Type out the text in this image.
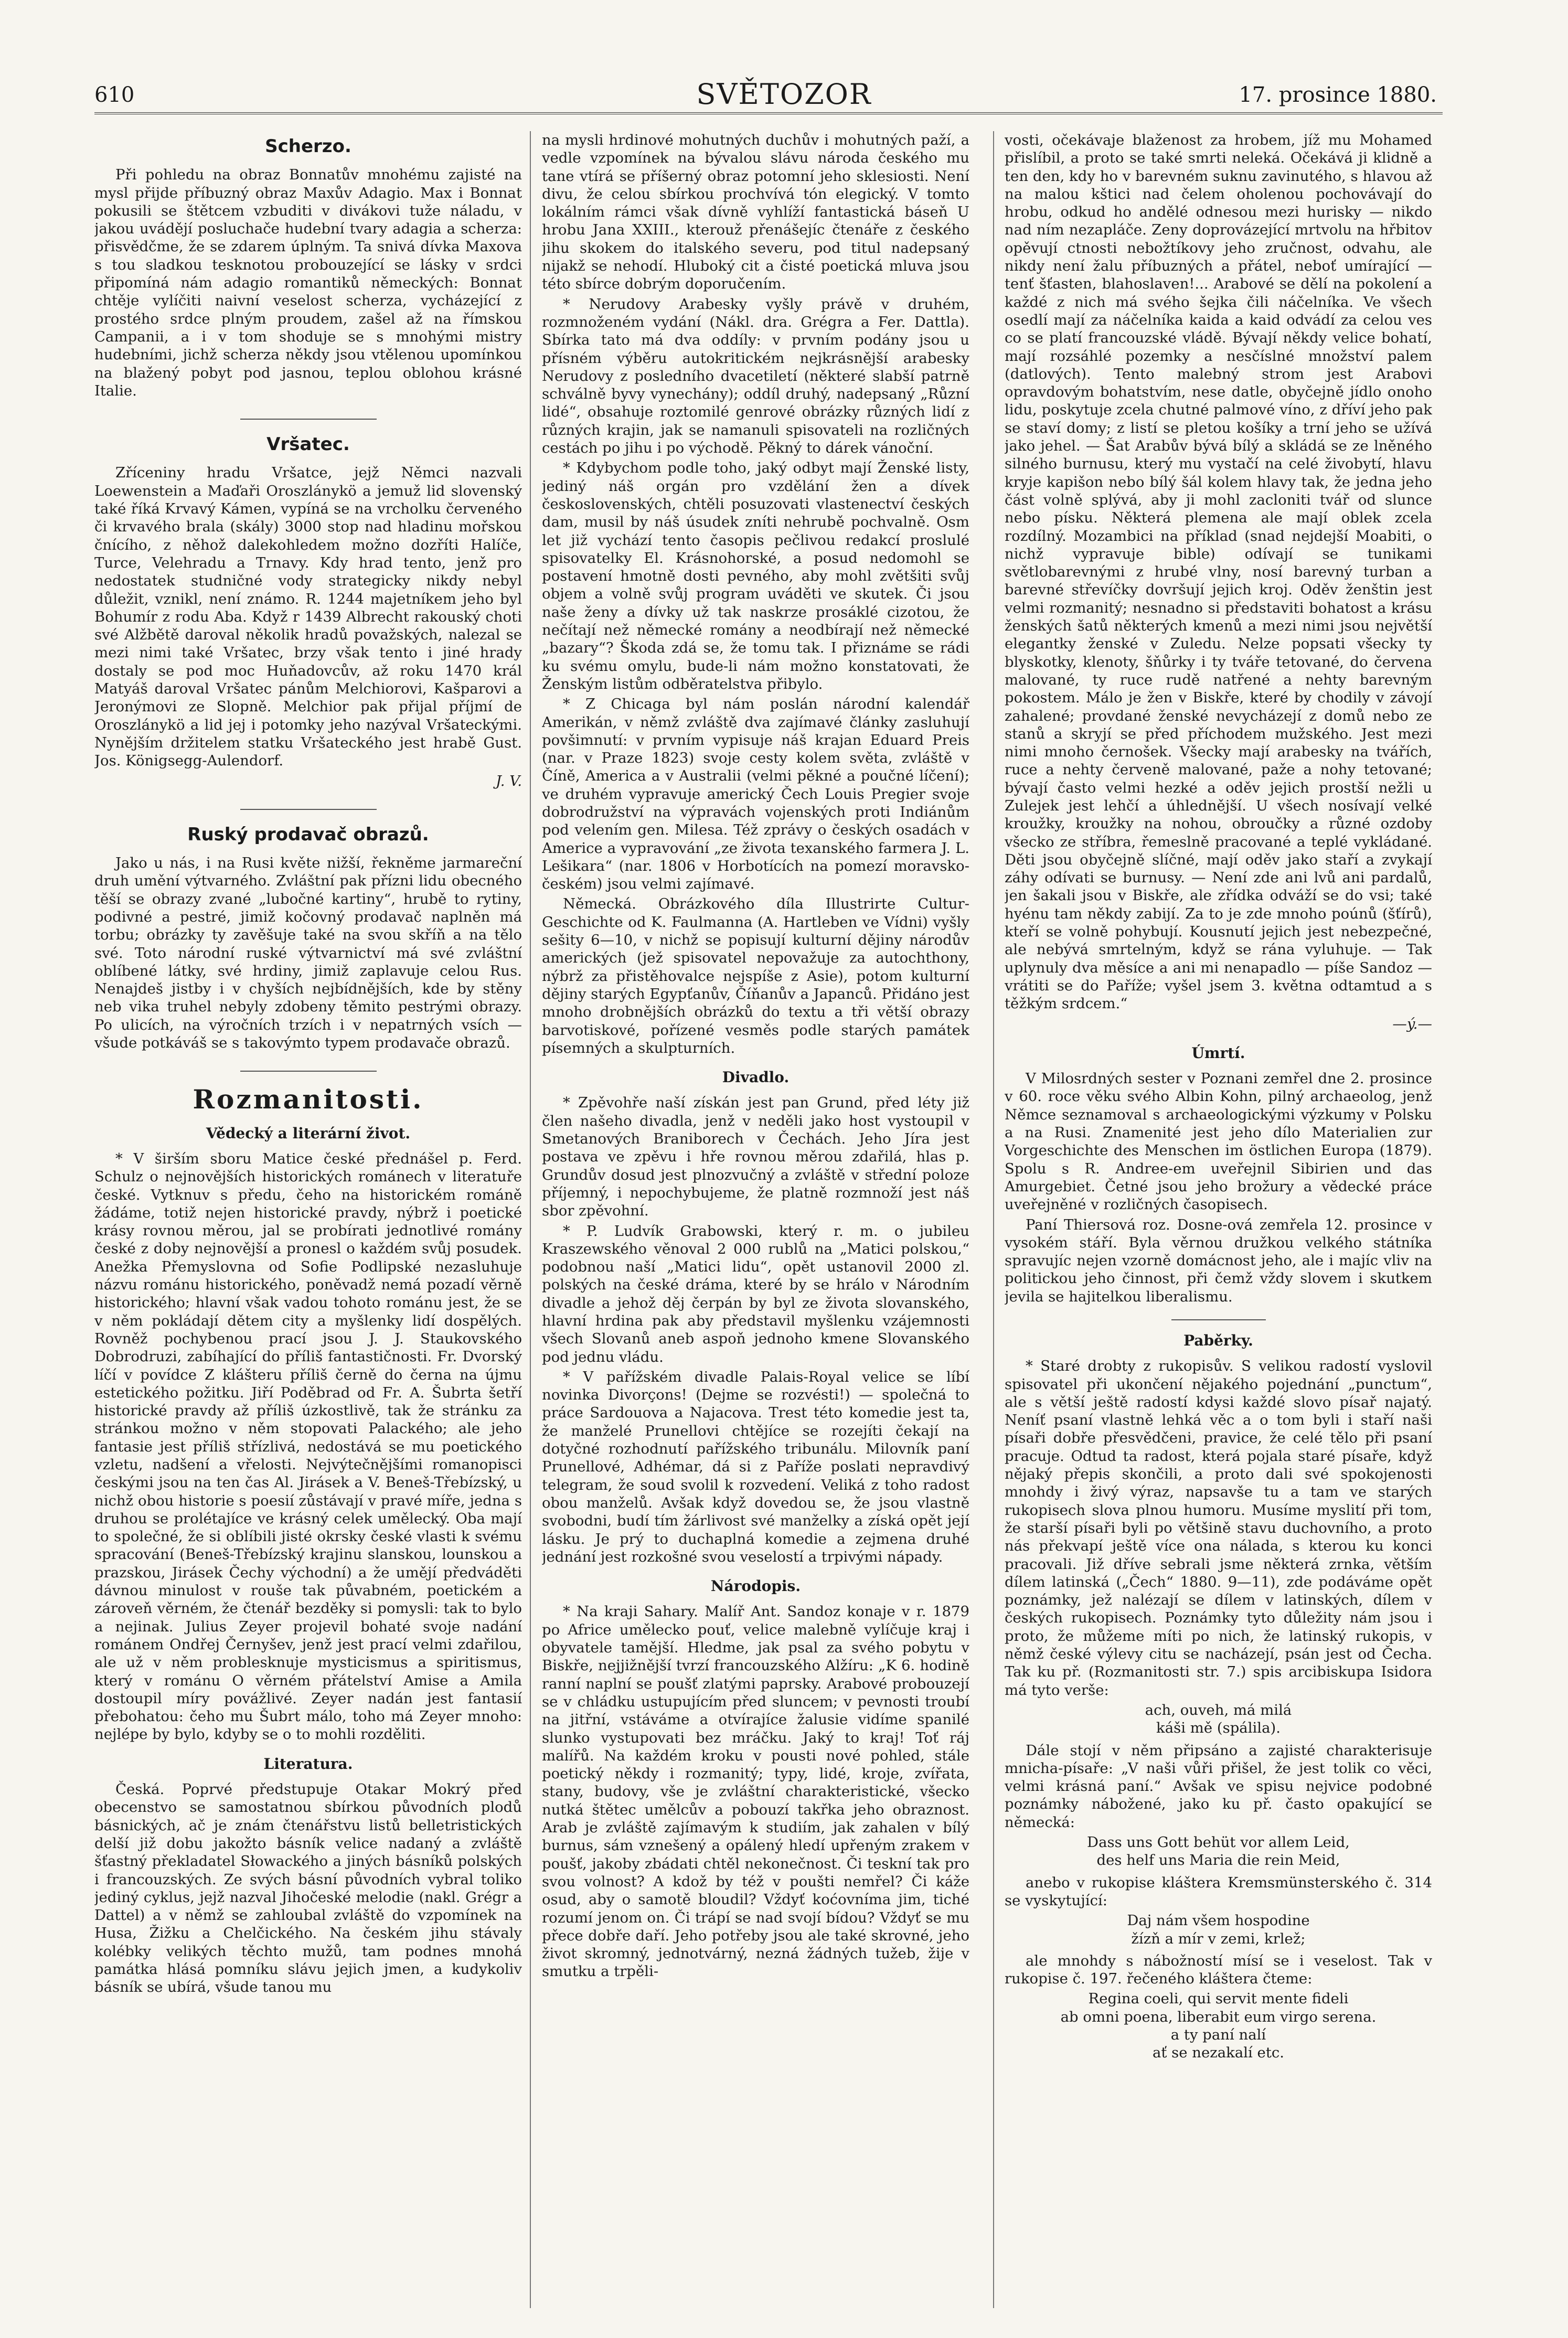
610	SVĚTOZOR	17. prosince 1880.
Scherzo.

Při pohledu na obraz Bonnatův mnohému zajisté na mysl přijde příbuzný obraz Maxův Adagio. Max i Bonnat pokusili se štětcem vzbuditi v divákovi tuže náladu, v jakou uvádějí posluchače hudební tvary adagia a scherza: přisvědčme, že se zdarem úplným. Ta snivá dívka Maxova s tou sladkou tesknotou probouzející se lásky v srdci připomíná nám adagio romantiků německých: Bonnat chtěje vylíčiti naivní veselost scherza, vycházející z prostého srdce plným proudem, zašel až na římskou Campanii, a i v tom shoduje se s mnohými mistry hudebními, jichž scherza někdy jsou vtělenou upomínkou na blažený pobyt pod jasnou, teplou oblohou krásné Italie.

Vršatec.

Zříceniny hradu Vršatce, jejž Němci nazvali Loewenstein a Maďaři Oroszlánykö a jemuž lid slovenský také říká Krvavý Kámen, vypíná se na vrcholku červeného či krvavého brala (skály) 3000 stop nad hladinu mořskou čnícího, z něhož dalekohledem možno dozříti Halíče, Turce, Velehradu a Trnavy. Kdy hrad tento, jenž pro nedostatek studničné vody strategicky nikdy nebyl důležit, vznikl, není známo. R. 1244 majetníkem jeho byl Bohumír z rodu Aba. Když r 1439 Albrecht rakouský choti své Alžbětě daroval několik hradů považských, nalezal se mezi nimi také Vršatec, brzy však tento i jiné hrady dostaly se pod moc Huňadovcův, až roku 1470 král Matyáš daroval Vršatec pánům Melchiorovi, Kašparovi a Jeronýmovi ze Slopně. Melchior pak přijal příjmí de Oroszlánykö a lid jej i potomky jeho nazýval Vršateckými. Nynějším držitelem statku Vršateckého jest hrabě Gust. Jos. Königsegg-Aulendorf.

J. V.
Ruský prodavač obrazů.

Jako u nás, i na Rusi květe nižší, řekněme jarmareční druh umění výtvarného. Zvláštní pak přízni lidu obecného těší se obrazy zvané „lubočné kartiny“, hrubě to rytiny, podivné a pestré, jimiž kočovný prodavač naplněn má torbu; obrázky ty zavěšuje také na svou skříň a na tělo své. Toto národní ruské výtvarnictví má své zvláštní oblíbené látky, své hrdiny, jimiž zaplavuje celou Rus. Nenajdeš jistby i v chyších nejbídnějších, kde by stěny neb vika truhel nebyly zdobeny těmito pestrými obrazy. Po ulicích, na výročních trzích i v nepatrných vsích — všude potkáváš se s takovýmto typem prodavače obrazů.

Rozmanitosti.
Vědecký a literární život.

* V širším sboru Matice české přednášel p. Ferd. Schulz o nejnovějších historických románech v literatuře české. Vytknuv s předu, čeho na historickém románě žádáme, totiž nejen historické pravdy, nýbrž i poetické krásy rovnou měrou, jal se probírati jednotlivé romány české z doby nejnovější a pronesl o každém svůj posudek. Anežka Přemyslovna od Sofie Podlipské nezasluhuje názvu románu historického, poněvadž nemá pozadí věrně historického; hlavní však vadou tohoto románu jest, že se v něm pokládají dětem city a myšlenky lidí dospělých. Rovněž pochybenou prací jsou J. J. Staukovského Dobrodruzi, zabíhající do příliš fantastičnosti. Fr. Dvorský líčí v povídce Z klášteru příliš černě do černa na újmu estetického požitku. Jiří Poděbrad od Fr. A. Šubrta šetří historické pravdy až příliš úzkostlivě, tak že stránku za stránkou možno v něm stopovati Palackého; ale jeho fantasie jest příliš střízlivá, nedostává se mu poetického vzletu, nadšení a vřelosti. Nejvýtečnějšími romanopisci českými jsou na ten čas Al. Jirásek a V. Beneš-Třebízský, u nichž obou historie s poesií zůstávají v pravé míře, jedna s druhou se prolétajíce ve krásný celek umělecký. Oba mají to společné, že si oblíbili jisté okrsky české vlasti k svému spracování (Beneš-Třebízský krajinu slanskou, lounskou a prazskou, Jirásek Čechy východní) a že umějí předváděti dávnou minulost v rouše tak půvabném, poetickém a zároveň věrném, že čtenář bezděky si pomysli: tak to bylo a nejinak. Julius Zeyer projevil bohaté svoje nadání románem Ondřej Černyšev, jenž jest prací velmi zdařilou, ale už v něm problesknuje mysticismus a spiritismus, který v románu O věrném přátelství Amise a Amila dostoupil míry povážlivé. Zeyer nadán jest fantasií přebohatou: čeho mu Šubrt málo, toho má Zeyer mnoho: nejlépe by bylo, kdyby se o to mohli rozděliti.

Literatura.

Česká. Poprvé předstupuje Otakar Mokrý před obecenstvo se samostatnou sbírkou původních plodů básnických, ač je znám čtenářstvu listů belletristických delší již dobu jakožto básník velice nadaný a zvláště šťastný překladatel Słowackého a jiných básníků polských i francouzských. Ze svých básní původních vybral toliko jediný cyklus, jejž nazval Jihočeské melodie (nakl. Grégr a Dattel) a v němž se zahloubal zvláště do vzpomínek na Husa, Žižku a Chelčického. Na českém jihu stávaly kolébky velikých těchto mužů, tam podnes mnohá památka hlásá pomníku slávu jejich jmen, a kudykoliv básník se ubírá, všude tanou mu

na mysli hrdinové mohutných duchův i mohutných paží, a vedle vzpomínek na bývalou slávu národa českého mu tane vtírá se příšerný obraz potomní jeho sklesiosti. Není divu, že celou sbírkou prochvívá tón elegický. V tomto lokálním rámci však dívně vyhlíží fantastická báseň U hrobu Jana XXIII., kterouž přenášejíc čtenáře z českého jihu skokem do italského severu, pod titul nadepsaný nijakž se nehodí. Hluboký cit a čisté poetická mluva jsou této sbírce dobrým doporučením.

* Nerudovy Arabesky vyšly právě v druhém, rozmnoženém vydání (Nákl. dra. Grégra a Fer. Dattla). Sbírka tato má dva oddíly: v prvním podány jsou u přísném výběru autokritickém nejkrásnější arabesky Nerudovy z posledního dvacetiletí (některé slabší patrně schválně byvy vynechány); oddíl druhý, nadepsaný „Různí lidé“, obsahuje roztomilé genrové obrázky různých lidí z různých krajin, jak se namanuli spisovateli na rozličných cestách po jihu i po východě. Pěkný to dárek vánoční.

* Kdybychom podle toho, jaký odbyt mají Ženské listy, jediný náš orgán pro vzdělání žen a dívek československých, chtěli posuzovati vlastenectví českých dam, musil by náš úsudek zníti nehrubě pochvalně. Osm let již vychází tento časopis pečlivou redakcí proslulé spisovatelky El. Krásnohorské, a posud nedomohl se postavení hmotně dosti pevného, aby mohl zvětšiti svůj objem a volně svůj program uváděti ve skutek. Či jsou naše ženy a dívky už tak naskrze prosáklé cizotou, že nečítají než německé romány a neodbírají než německé „bazary“? Škoda zdá se, že tomu tak. I přiznáme se rádi ku svému omylu, bude-li nám možno konstatovati, že Ženským listům odběratelstva přibylo.

* Z Chicaga byl nám poslán národní kalendář Amerikán, v němž zvláště dva zajímavé články zasluhují povšimnutí: v prvním vypisuje náš krajan Eduard Preis (nar. v Praze 1823) svoje cesty kolem světa, zvláště v Číně, America a v Australii (velmi pěkné a poučné líčení); ve druhém vypravuje americký Čech Louis Pregier svoje dobrodružství na výpravách vojenských proti Indiánům pod velením gen. Milesa. Též zprávy o českých osadách v Americe a vypravování „ze života texanského farmera J. L. Lešikara“ (nar. 1806 v Horbotících na pomezí moravsko-českém) jsou velmi zajímavé.

Německá. Obrázkového díla Illustrirte Cultur-Geschichte od K. Faulmanna (A. Hartleben ve Vídni) vyšly sešity 6—10, v nichž se popisují kulturní dějiny národův amerických (jež spisovatel nepovažuje za autochthony, nýbrž za přistěhovalce nejspíše z Asie), potom kulturní dějiny starých Egypťanův, Číňanův a Japanců. Přidáno jest mnoho drobnějších obrázků do textu a tři větší obrazy barvotiskové, pořízené vesměs podle starých památek písemných a skulpturních.

Divadlo.

* Zpěvohře naší získán jest pan Grund, před léty již člen našeho divadla, jenž v neděli jako host vystoupil v Smetanových Braniborech v Čechách. Jeho Jíra jest postava ve zpěvu i hře rovnou měrou zdařilá, hlas p. Grundův dosud jest plnozvučný a zvláště v střední poloze příjemný, i nepochybujeme, že platně rozmnoží jest náš sbor zpěvohní.

* P. Ludvík Grabowski, který r. m. o jubileu Kraszewského věnoval 2 000 rublů na „Matici polskou,“ podobnou naší „Matici lidu“, opět ustanovil 2000 zl. polských na české dráma, které by se hrálo v Národním divadle a jehož děj čerpán by byl ze života slovanského, hlavní hrdina pak aby představil myšlenku vzájemnosti všech Slovanů aneb aspoň jednoho kmene Slovanského pod jednu vládu.

* V pařížském divadle Palais-Royal velice se líbí novinka Divorçons! (Dejme se rozvésti!) — společná to práce Sardouova a Najacova. Trest této komedie jest ta, že manželé Prunellovi chtějíce se rozejíti čekají na dotyčné rozhodnutí pařížského tribunálu. Milovník paní Prunellové, Adhémar, dá si z Paříže poslati nepravdivý telegram, že soud svolil k rozvedení. Veliká z toho radost obou manželů. Avšak když dovedou se, že jsou vlastně svobodni, budí tím žárlivost své manželky a získá opět její lásku. Je prý to duchaplná komedie a zejmena druhé jednání jest rozkošné svou veselostí a trpivými nápady.

Národopis.

* Na kraji Sahary. Malíř Ant. Sandoz konaje v r. 1879 po Africe umělecko pouť, velice malebně vylíčuje kraj i obyvatele tamější. Hledme, jak psal za svého pobytu v Biskře, nejjižnější tvrzí francouzského Alžíru: „K 6. hodině ranní naplní se poušť zlatými paprsky. Arabové probouzejí se v chládku ustupujícím před sluncem; v pevnosti troubí na jitřní, vstáváme a otvírajíce žalusie vidíme spanilé slunko vystupovati bez mráčku. Jaký to kraj! Toť ráj malířů. Na každém kroku v pousti nové pohled, stále poetický někdy i rozmanitý; typy, lidé, kroje, zvířata, stany, budovy, vše je zvláštní charakteristické, všecko nutká štětec umělcův a pobouzí takřka jeho obraznost. Arab je zvláště zajímavým k studiím, jak zahalen v bílý burnus, sám vznešený a opálený hledí upřeným zrakem v poušť, jakoby zbádati chtěl nekonečnost. Či teskní tak pro svou volnost? A kdož by též v poušti nemřel? Či káže osud, aby o samotě bloudil? Vždyť koćovníma jim, tiché rozumí jenom on. Či trápí se nad svojí bídou? Vždyť se mu přece dobře daří. Jeho potřeby jsou ale také skrovné, jeho život skromný, jednotvárný, nezná žádných tužeb, žije v smutku a trpěli-

vosti, očekávaje blaženost za hrobem, jíž mu Mohamed přislíbil, a proto se také smrti neleká. Očekává ji klidně a ten den, kdy ho v barevném suknu zavinutého, s hlavou až na malou kštici nad čelem oholenou pochovávají do hrobu, odkud ho andělé odnesou mezi hurisky — nikdo nad ním nezapláče. Zeny doprovázející mrtvolu na hřbitov opěvují ctnosti nebožtíkovy jeho zručnost, odvahu, ale nikdy není žalu příbuzných a přátel, neboť umírající — tenť šťasten, blahoslaven!... Arabové se dělí na pokolení a každé z nich má svého šejka čili náčelníka. Ve všech osedlí mají za náčelníka kaida a kaid odvádí za celou ves co se platí francouzské vládě. Bývají někdy velice bohatí, mají rozsáhlé pozemky a nesčíslné množství palem (datlových). Tento malebný strom jest Arabovi opravdovým bohatstvím, nese datle, obyčejně jídlo onoho lidu, poskytuje zcela chutné palmové víno, z dříví jeho pak se staví domy; z listí se pletou košíky a trní jeho se užívá jako jehel. — Šat Arabův bývá bílý a skládá se ze lněného silného burnusu, který mu vystačí na celé živobytí, hlavu kryje kapišon nebo bílý šál kolem hlavy tak, že jedna jeho část volně splývá, aby ji mohl zacloniti tvář od slunce nebo písku. Některá plemena ale mají oblek zcela rozdílný. Mozambici na příklad (snad nejdejší Moabiti, o nichž vypravuje bible) odívají se tunikami světlobarevnými z hrubé vlny, nosí barevný turban a barevné střevíčky dovršují jejich kroj. Oděv ženštin jest velmi rozmanitý; nesnadno si představiti bohatost a krásu ženských šatů některých kmenů a mezi nimi jsou největší elegantky ženské v Zuledu. Nelze popsati všecky ty blyskotky, klenoty, šňůrky i ty tváře tetované, do červena malované, ty ruce rudě natřené a nehty barevným pokostem. Málo je žen v Biskře, které by chodily v závojí zahalené; provdané ženské nevycházejí z domů nebo ze stanů a skryjí se před příchodem mužského. Jest mezi nimi mnoho černošek. Všecky mají arabesky na tvářích, ruce a nehty červeně malované, paže a nohy tetované; bývají často velmi hezké a oděv jejich prostší nežli u Zulejek jest lehčí a úhlednější. U všech nosívají velké kroužky, kroužky na nohou, obroučky a různé ozdoby všecko ze stříbra, řemeslně pracované a teplé vykládané. Děti jsou obyčejně slíčné, mají oděv jako staří a zvykají záhy odívati se burnusy. — Není zde ani lvů ani pardalů, jen šakali jsou v Biskře, ale zřídka odváží se do vsi; také hyénu tam někdy zabijí. Za to je zde mnoho poúnů (šťírů), kteří se volně pohybují. Kousnutí jejich jest nebezpečné, ale nebývá smrtelným, když se rána vyluhuje. — Tak uplynuly dva měsíce a ani mi nenapadlo — píše Sandoz — vrátiti se do Paříže; vyšel jsem 3. května odtamtud a s těžkým srdcem.“

—ý.—
Úmrtí.

V Milosrdných sester v Poznani zemřel dne 2. prosince v 60. roce věku svého Albin Kohn, pilný archaeolog, jenž Němce seznamoval s archaeologickými výzkumy v Polsku a na Rusi. Znamenité jest jeho dílo Materialien zur Vorgeschichte des Menschen im östlichen Europa (1879). Spolu s R. Andree-em uveřejnil Sibirien und das Amurgebiet. Četné jsou jeho brožury a vědecké práce uveřejněné v rozličných časopisech.

Paní Thiersová roz. Dosne-ová zemřela 12. prosince v vysokém stáří. Byla věrnou družkou velkého státníka spravujíc nejen vzorně domácnost jeho, ale i majíc vliv na politickou jeho činnost, při čemž vždy slovem i skutkem jevila se hajitelkou liberalismu.

Paběrky.

* Staré drobty z rukopisův. S velikou radostí vyslovil spisovatel při ukončení nějakého pojednání „punctum“, ale s větší ještě radostí kdysi každé slovo písař najatý. Neníť psaní vlastně lehká věc a o tom byli i staří naši písaři dobře přesvědčeni, pravice, že celé tělo při psaní pracuje. Odtud ta radost, která pojala staré písaře, když nějaký přepis skončili, a proto dali své spokojenosti mnohdy i živý výraz, napsavše tu a tam ve starých rukopisech slova plnou humoru. Musíme myslití při tom, že starší písaři byli po většině stavu duchovního, a proto nás překvapí ještě více ona nálada, s kterou ku konci pracovali. Již dříve sebrali jsme některá zrnka, větším dílem latinská („Čech“ 1880. 9—11), zde podáváme opět poznámky, jež nalézají se dílem v latinských, dílem v českých rukopisech. Poznámky tyto důležity nám jsou i proto, že můžeme míti po nich, že latinský rukopis, v němž české výlevy citu se nacházejí, psán jest od Čecha. Tak ku př. (Rozmanitosti str. 7.) spis arcibiskupa Isidora má tyto verše:

ach, ouveh, má milá
káši mě (spálila).

Dále stojí v něm připsáno a zajisté charakterisuje mnicha-písaře: „V naši vůři přišel, že jest tolik co věci, velmi krásná paní.“ Avšak ve spisu nejvice podobné poznámky nábožené, jako ku př. často opakující se německá:

Dass uns Gott behüt vor allem Leid,
des helf uns Maria die rein Meid,

anebo v rukopise kláštera Kremsmünsterského č. 314 se vyskytující:

Daj nám všem hospodine
žízň a mír v zemi, krlež;

ale mnohdy s nábožností mísí se i veselost. Tak v rukopise č. 197. řečeného kláštera čteme:

Regina coeli, qui servit mente fideli
ab omni poena, liberabit eum virgo serena.
a ty paní nalí
ať se nezakalí etc.
